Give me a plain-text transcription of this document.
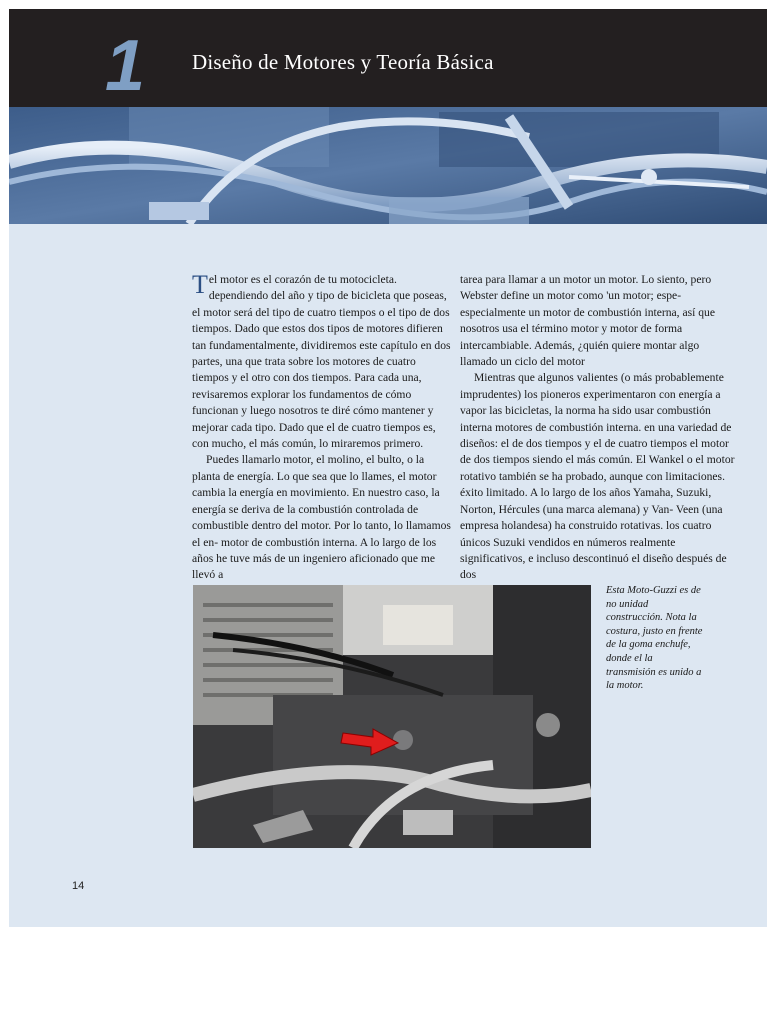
1 Diseño de Motores y Teoría Básica
T el motor es el corazón de tu motocicleta. dependiendo del año y tipo de bicicleta que poseas, el motor será del tipo de cuatro tiempos o el tipo de dos tiempos. Dado que estos dos tipos de motores difieren tan fundamentalmente, dividiremos este capítulo en dos partes, una que trata sobre los motores de cuatro tiempos y el otro con dos tiempos. Para cada una, revisaremos explorar los fundamentos de cómo funcionan y luego nosotros te diré cómo mantener y mejorar cada tipo. Dado que el de cuatro tiempos es, con mucho, el más común, lo miraremos primero.

Puedes llamarlo motor, el molino, el bulto, o la planta de energía. Lo que sea que lo llames, el motor cambia la energía en movimiento. En nuestro caso, la energía se deriva de la combustión controlada de combustible dentro del motor. Por lo tanto, lo llamamos el en- motor de combustión interna. A lo largo de los años he tuve más de un ingeniero aficionado que me llevó a

tarea para llamar a un motor un motor. Lo siento, pero Webster define un motor como 'un motor; espe- especialmente un motor de combustión interna, así que nosotros usa el término motor y motor de forma intercambiable. Además, ¿quién quiere montar algo llamado un ciclo del motor

Mientras que algunos valientes (o más probablemente imprudentes) los pioneros experimentaron con energía a vapor las bicicletas, la norma ha sido usar combustión interna motores de combustión interna. en una variedad de diseños: el de dos tiempos y el de cuatro tiempos el motor de dos tiempos siendo el más común. El Wankel o el motor rotativo también se ha probado, aunque con limitaciones. éxito limitado. A lo largo de los años Yamaha, Suzuki, Norton, Hércules (una marca alemana) y Van- Veen (una empresa holandesa) ha construido rotativas. los cuatro únicos Suzuki vendidos en números realmente significativos, e incluso descontinuó el diseño después de dos

Esta Moto-Guzzi es de no unidad construcción. Nota la costura, justo en frente de la goma enchufe, donde el la transmisión es unido a la motor.
14
